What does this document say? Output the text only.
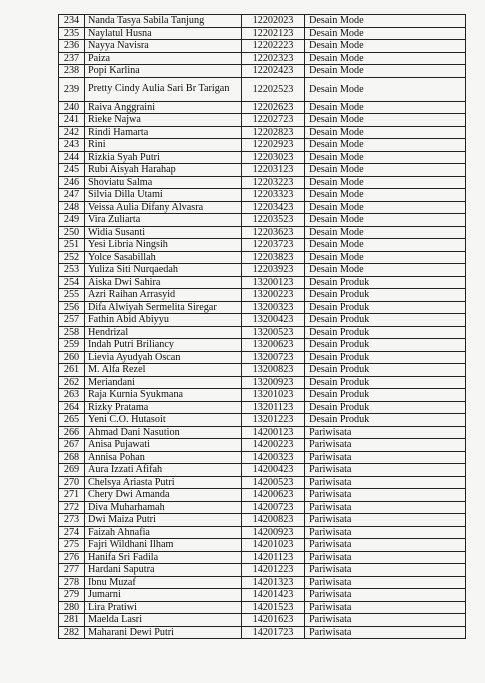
234	Nanda Tasya Sabila Tanjung	12202023	Desain Mode
235	Naylatul Husna	12202123	Desain Mode
236	Nayya Navisra	12202223	Desain Mode
237	Paiza	12202323	Desain Mode
238	Popi Karlina	12202423	Desain Mode
239	Pretty Cindy Aulia Sari Br Tarigan	12202523	Desain Mode
240	Raiva Anggraini	12202623	Desain Mode
241	Rieke Najwa	12202723	Desain Mode
242	Rindi Hamarta	12202823	Desain Mode
243	Rini	12202923	Desain Mode
244	Rizkia Syah Putri	12203023	Desain Mode
245	Rubi Aisyah Harahap	12203123	Desain Mode
246	Shoviatu Salma	12203223	Desain Mode
247	Silvia Dilla Utami	12203323	Desain Mode
248	Veissa Aulia Difany Alvasra	12203423	Desain Mode
249	Vira Zuliarta	12203523	Desain Mode
250	Widia Susanti	12203623	Desain Mode
251	Yesi Libria Ningsih	12203723	Desain Mode
252	Yolce Sasabillah	12203823	Desain Mode
253	Yuliza Siti Nurqaedah	12203923	Desain Mode
254	Aiska Dwi Sahira	13200123	Desain Produk
255	Azri Raihan Arrasyid	13200223	Desain Produk
256	Difa Alwiyah Sermelita Siregar	13200323	Desain Produk
257	Fathin Abid Abiyyu	13200423	Desain Produk
258	Hendrizal	13200523	Desain Produk
259	Indah Putri Briliancy	13200623	Desain Produk
260	Lievia Ayudyah Oscan	13200723	Desain Produk
261	M. Alfa Rezel	13200823	Desain Produk
262	Meriandani	13200923	Desain Produk
263	Raja Kurnia Syukmana	13201023	Desain Produk
264	Rizky Pratama	13201123	Desain Produk
265	Yeni C.O. Hutasoit	13201223	Desain Produk
266	Ahmad Dani Nasution	14200123	Pariwisata
267	Anisa Pujawati	14200223	Pariwisata
268	Annisa Pohan	14200323	Pariwisata
269	Aura Izzati Afifah	14200423	Pariwisata
270	Chelsya Ariasta Putri	14200523	Pariwisata
271	Chery Dwi Amanda	14200623	Pariwisata
272	Diva Muharhamah	14200723	Pariwisata
273	Dwi Maiza Putri	14200823	Pariwisata
274	Faizah Ahnafia	14200923	Pariwisata
275	Fajri Wildhani Ilham	14201023	Pariwisata
276	Hanifa Sri Fadila	14201123	Pariwisata
277	Hardani Saputra	14201223	Pariwisata
278	Ibnu Muzaf	14201323	Pariwisata
279	Jumarni	14201423	Pariwisata
280	Lira Pratiwi	14201523	Pariwisata
281	Maelda Lasri	14201623	Pariwisata
282	Maharani Dewi Putri	14201723	Pariwisata
